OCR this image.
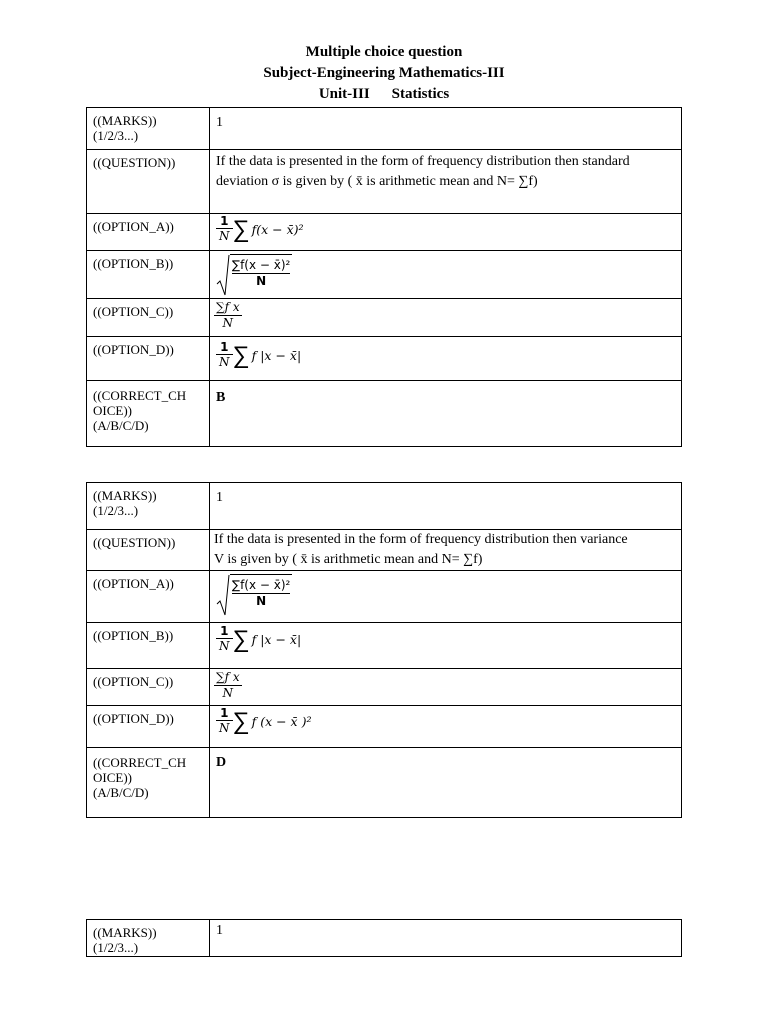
Multiple choice question
Subject-Engineering Mathematics-III
Unit-III Statistics
((MARKS))
(1/2/3...)	1
((QUESTION))	If the data is presented in the form of frequency distribution then standard
deviation σ is given by ( x̄ is arithmetic mean and N= ∑f)
((OPTION_A))	$\frac{1}{N}$ ∑ f(x − x̄)²
((OPTION_B))	$\frac{\text{∑f(x − x̄)²}}{N}$

((OPTION_C))	$\frac{\text{∑f x}}{N}$

((OPTION_D))	$\frac{1}{N}$ ∑ f |x − x̄|
((CORRECT_CH
OICE))
(A/B/C/D)	B
((MARKS))
(1/2/3...)	1
((QUESTION))	If the data is presented in the form of frequency distribution then variance
V is given by ( x̄ is arithmetic mean and N= ∑f)
((OPTION_A))	$\frac{\text{∑f(x − x̄)²}}{N}$

((OPTION_B))	$\frac{1}{N}$ ∑ f |x − x̄|
((OPTION_C))	$\frac{\text{∑f x}}{N}$

((OPTION_D))	$\frac{1}{N}$ ∑ f (x − x̄ )²
((CORRECT_CH
OICE))
(A/B/C/D)	D
((MARKS))
(1/2/3...)	1
